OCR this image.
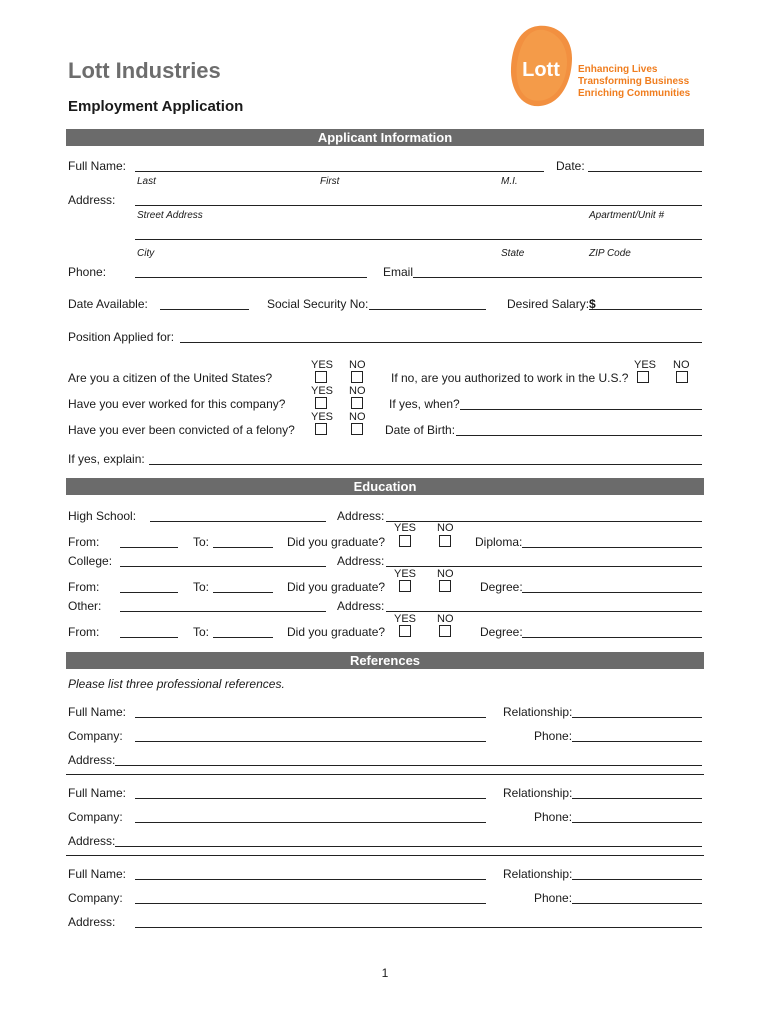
Lott Industries
Employment Application
Lott Enhancing Lives
Transforming Business
Enriching Communities
Applicant Information
Full Name:	Date:
Last	First	M.I.
Address:
Street Address	Apartment/Unit #
City	State	ZIP Code
Phone:	Email
Date Available:	Social Security No:	Desired Salary: $
Position Applied for:
YES NO
Are you a citizen of the United States?
YES NO
If no, are you authorized to work in the U.S.?
YES NO
Have you ever worked for this company?	If yes, when?
YES NO
Have you ever been convicted of a felony?	Date of Birth:
If yes, explain:
Education
High School:	Address:
YES NO
From:	To:	Did you graduate?	Diploma:
College:	Address:
YES NO
From:	To:	Did you graduate?	Degree:
Other:	Address:
YES NO
From:	To:	Did you graduate?	Degree:
References
Please list three professional references.
Full Name:	Relationship:
Company:	Phone:
Address:
Full Name:	Relationship:
Company:	Phone:
Address:
Full Name:	Relationship:
Company:	Phone:
Address:
1
